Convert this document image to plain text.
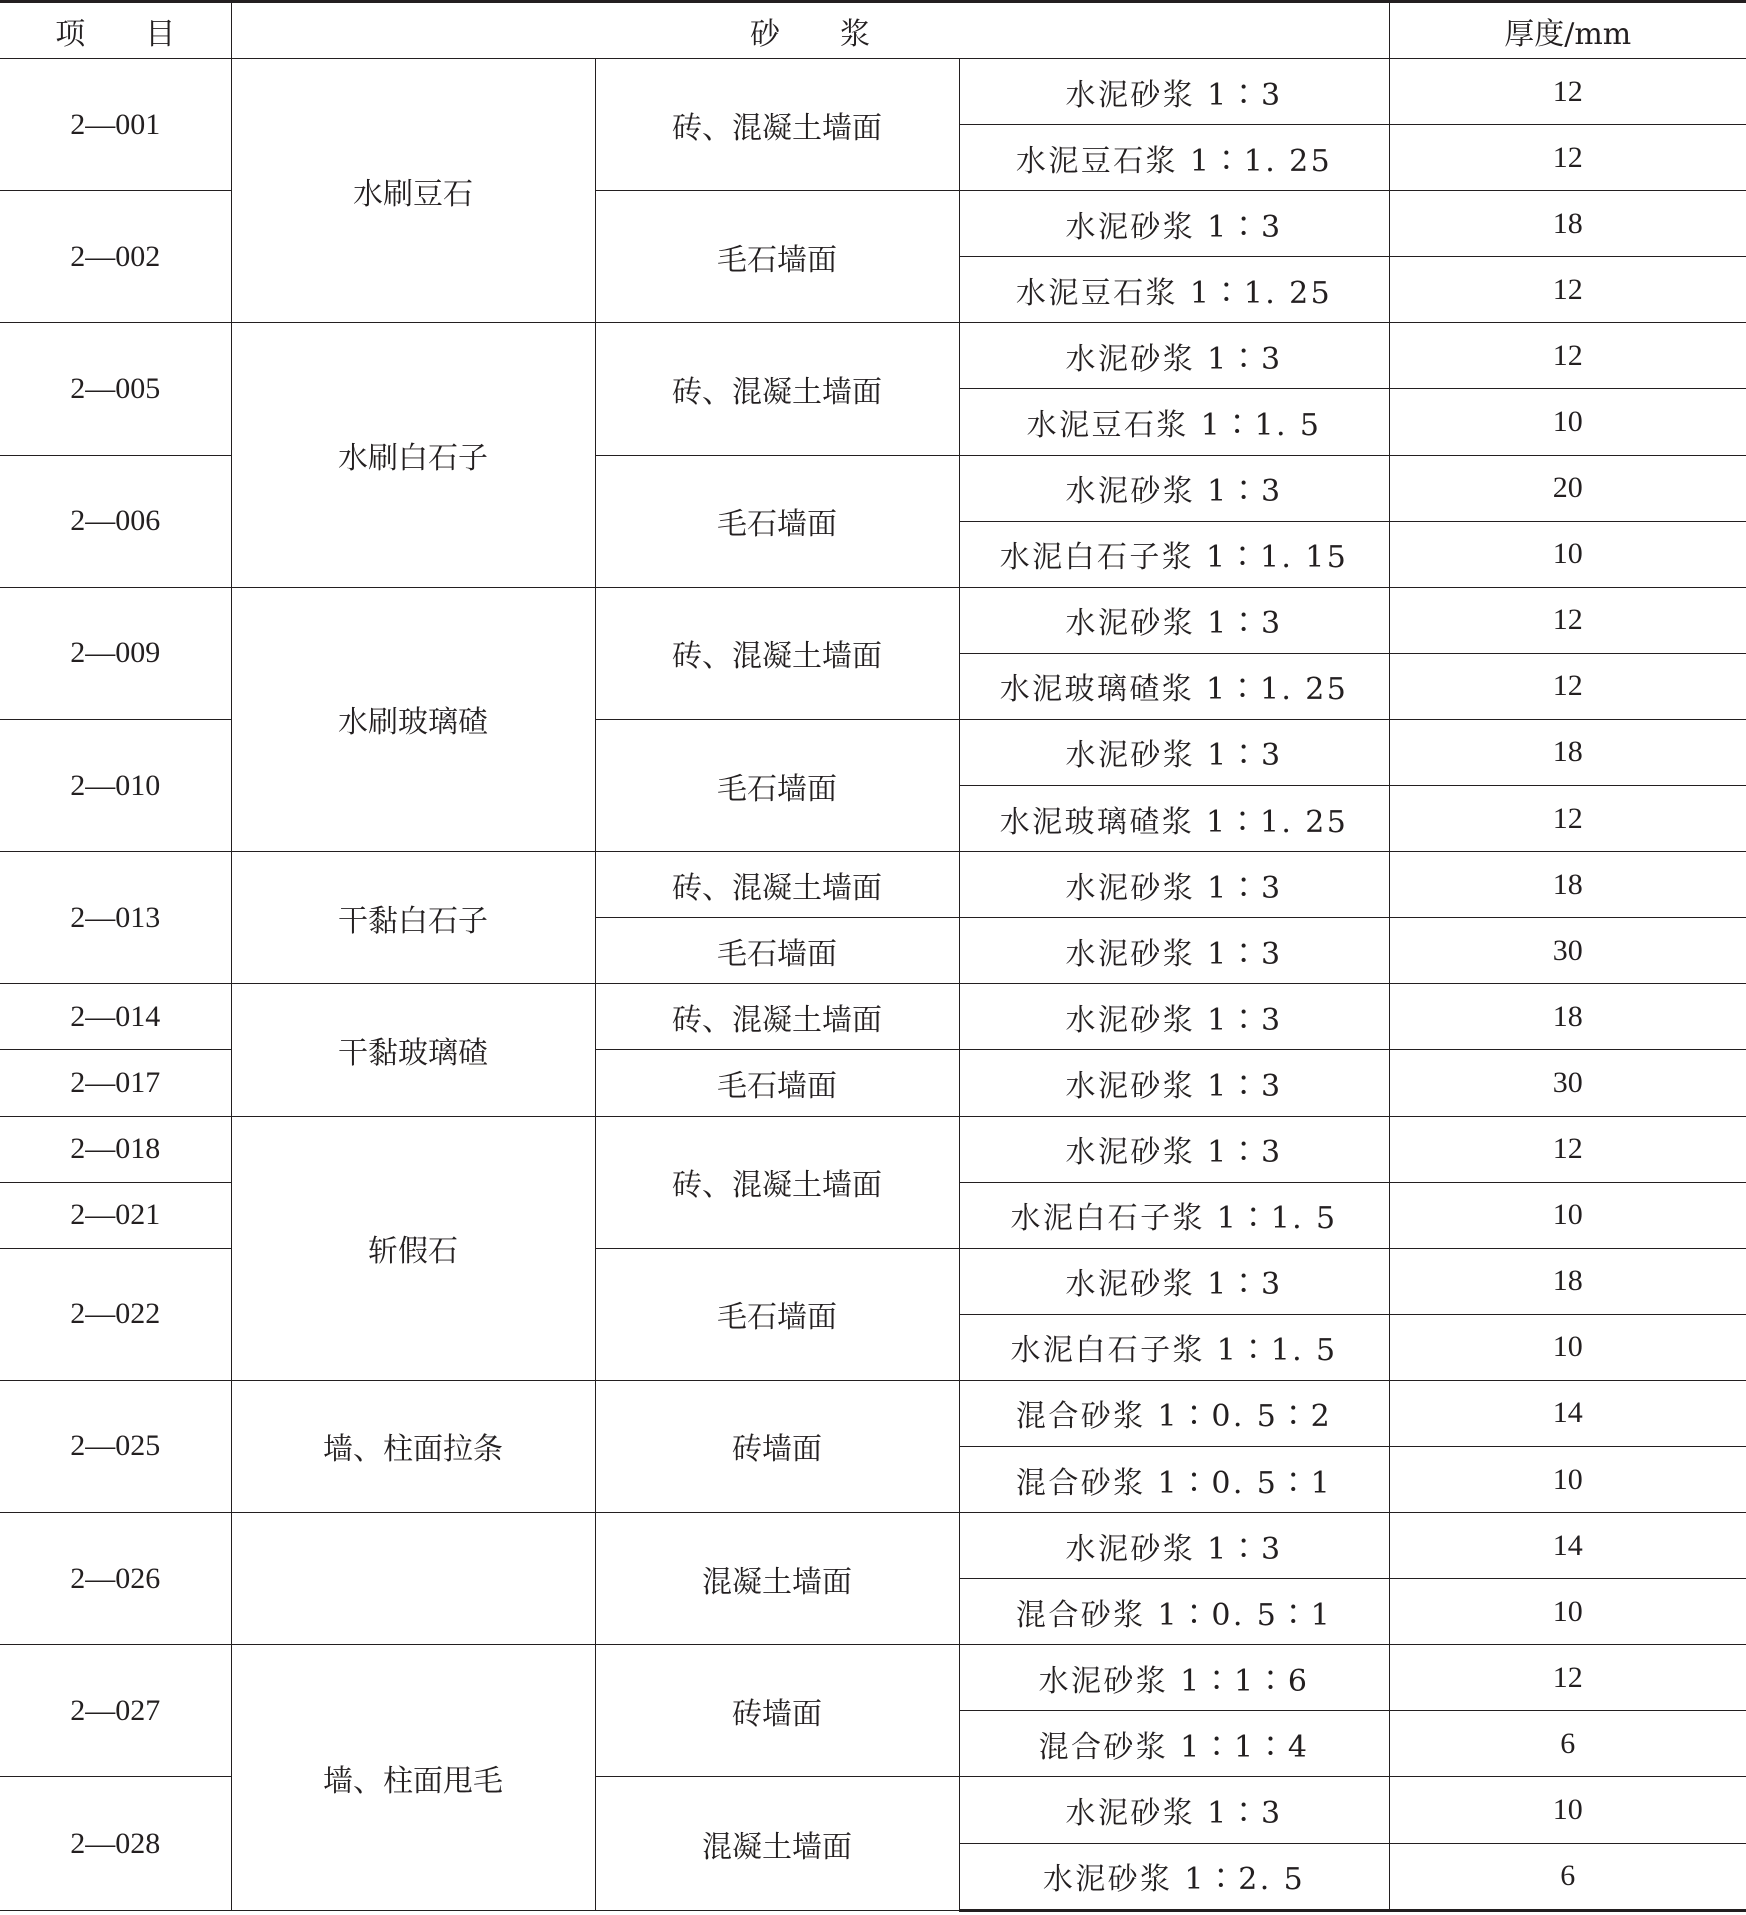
项　　目	砂　　浆			厚度/mm
2—001	水刷豆石	砖、混凝土墙面	水泥砂浆 1∶3	12
			水泥豆石浆 1∶1. 25	12
2—002		毛石墙面	水泥砂浆 1∶3	18
			水泥豆石浆 1∶1. 25	12
2—005	水刷白石子	砖、混凝土墙面	水泥砂浆 1∶3	12
			水泥豆石浆 1∶1. 5	10
2—006		毛石墙面	水泥砂浆 1∶3	20
			水泥白石子浆 1∶1. 15	10
2—009	水刷玻璃碴	砖、混凝土墙面	水泥砂浆 1∶3	12
			水泥玻璃碴浆 1∶1. 25	12
2—010		毛石墙面	水泥砂浆 1∶3	18
			水泥玻璃碴浆 1∶1. 25	12
2—013	干黏白石子	砖、混凝土墙面	水泥砂浆 1∶3	18
		毛石墙面	水泥砂浆 1∶3	30
2—014	干黏玻璃碴	砖、混凝土墙面	水泥砂浆 1∶3	18
2—017		毛石墙面	水泥砂浆 1∶3	30
2—018	斩假石	砖、混凝土墙面	水泥砂浆 1∶3	12
2—021			水泥白石子浆 1∶1. 5	10
2—022		毛石墙面	水泥砂浆 1∶3	18
			水泥白石子浆 1∶1. 5	10
2—025	墙、柱面拉条	砖墙面	混合砂浆 1∶0. 5∶2	14
			混合砂浆 1∶0. 5∶1	10
2—026		混凝土墙面	水泥砂浆 1∶3	14
			混合砂浆 1∶0. 5∶1	10
2—027	墙、柱面甩毛	砖墙面	水泥砂浆 1∶1∶6	12
			混合砂浆 1∶1∶4	6
2—028		混凝土墙面	水泥砂浆 1∶3	10
			水泥砂浆 1∶2. 5	6
